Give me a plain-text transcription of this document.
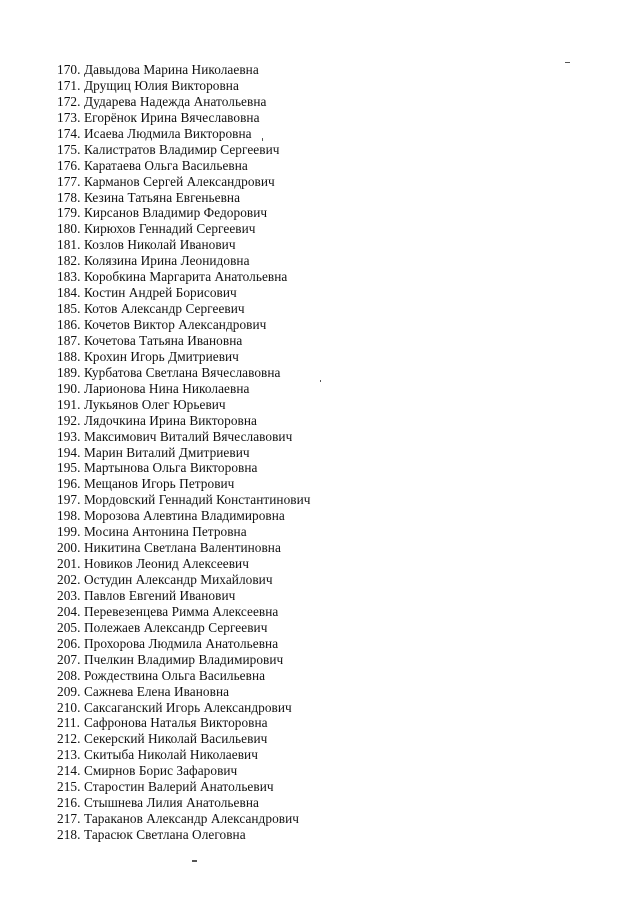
170. Давыдова Марина Николаевна
171. Друщиц Юлия Викторовна
172. Дударева Надежда Анатольевна
173. Егорёнок Ирина Вячеславовна
174. Исаева Людмила Викторовна
175. Калистратов Владимир Сергеевич
176. Каратаева Ольга Васильевна
177. Карманов Сергей Александрович
178. Кезина Татьяна Евгеньевна
179. Кирсанов Владимир Федорович
180. Кирюхов Геннадий Сергеевич
181. Козлов Николай Иванович
182. Колязина Ирина Леонидовна
183. Коробкина Маргарита Анатольевна
184. Костин Андрей Борисович
185. Котов Александр Сергеевич
186. Кочетов Виктор Александрович
187. Кочетова Татьяна Ивановна
188. Крохин Игорь Дмитриевич
189. Курбатова Светлана Вячеславовна
190. Ларионова Нина Николаевна
191. Лукьянов Олег Юрьевич
192. Лядочкина Ирина Викторовна
193. Максимович Виталий Вячеславович
194. Марин Виталий Дмитриевич
195. Мартынова Ольга Викторовна
196. Мещанов Игорь Петрович
197. Мордовский Геннадий Константинович
198. Морозова Алевтина Владимировна
199. Мосина Антонина Петровна
200. Никитина Светлана Валентиновна
201. Новиков Леонид Алексеевич
202. Остудин Александр Михайлович
203. Павлов Евгений Иванович
204. Перевезенцева Римма Алексеевна
205. Полежаев Александр Сергеевич
206. Прохорова Людмила Анатольевна
207. Пчелкин Владимир Владимирович
208. Рождествина Ольга Васильевна
209. Сажнева Елена Ивановна
210. Саксаганский Игорь Александрович
211. Сафронова Наталья Викторовна
212. Секерский Николай Васильевич
213. Скитыба Николай Николаевич
214. Смирнов Борис Зафарович
215. Старостин Валерий Анатольевич
216. Стышнева Лилия Анатольевна
217. Тараканов Александр Александрович
218. Тарасюк Светлана Олеговна
